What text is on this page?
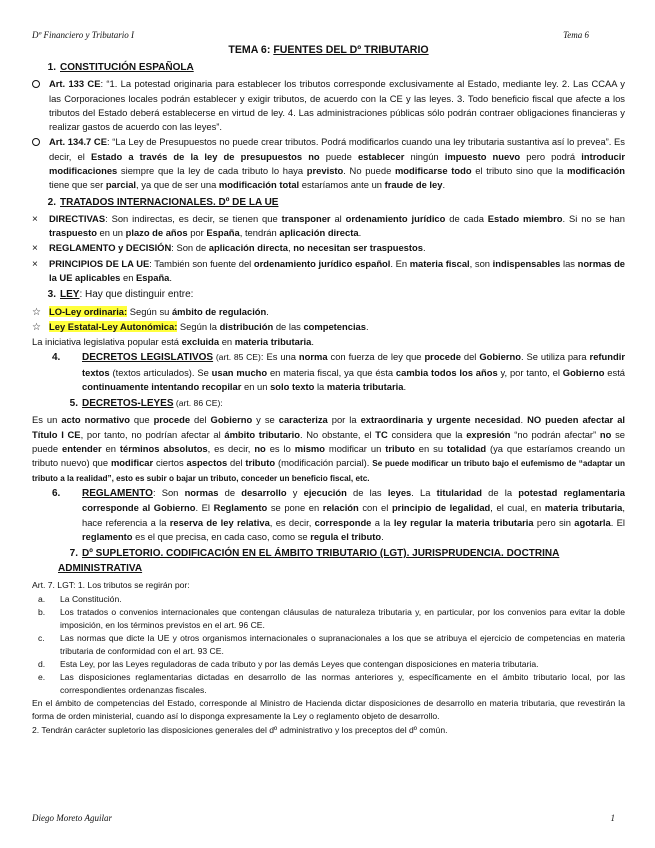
Dº Financiero y Tributario I	Tema 6
TEMA 6: FUENTES DEL Dº TRIBUTARIO
1. CONSTITUCIÓN ESPAÑOLA
Art. 133 CE: “1. La potestad originaria para establecer los tributos corresponde exclusivamente al Estado, mediante ley. 2. Las CCAA y las Corporaciones locales podrán establecer y exigir tributos, de acuerdo con la CE y las leyes. 3. Todo beneficio fiscal que afecte a los tributos del Estado deberá establecerse en virtud de ley. 4. Las administraciones públicas sólo podrán contraer obligaciones financieras y realizar gastos de acuerdo con las leyes”.
Art. 134.7 CE: “La Ley de Presupuestos no puede crear tributos. Podrá modificarlos cuando una ley tributaria sustantiva así lo prevea”. Es decir, el Estado a través de la ley de presupuestos no puede establecer ningún impuesto nuevo pero podrá introducir modificaciones siempre que la ley de cada tributo lo haya previsto. No puede modificarse todo el tributo sino que la modificación tiene que ser parcial, ya que de ser una modificación total estaríamos ante un fraude de ley.
2. TRATADOS INTERNACIONALES. Dº DE LA UE
×	DIRECTIVAS: Son indirectas, es decir, se tienen que transponer al ordenamiento jurídico de cada Estado miembro. Si no se han traspuesto en un plazo de años por España, tendrán aplicación directa.
×	REGLAMENTO y DECISIÓN: Son de aplicación directa, no necesitan ser traspuestos.
×	PRINCIPIOS DE LA UE: También son fuente del ordenamiento jurídico español. En materia fiscal, son indispensables las normas de la UE aplicables en España.
3. LEY: Hay que distinguir entre:
☆ LO-Ley ordinaria: Según su ámbito de regulación.
☆ Ley Estatal-Ley Autonómica: Según la distribución de las competencias.
La iniciativa legislativa popular está excluida en materia tributaria.
4. DECRETOS LEGISLATIVOS (art. 85 CE): Es una norma con fuerza de ley que procede del Gobierno. Se utiliza para refundir textos (textos articulados). Se usan mucho en materia fiscal, ya que ésta cambia todos los años y, por tanto, el Gobierno está continuamente intentando recopilar en un solo texto la materia tributaria.
5. DECRETOS-LEYES (art. 86 CE):
Es un acto normativo que procede del Gobierno y se caracteriza por la extraordinaria y urgente necesidad. NO pueden afectar al Título I CE, por tanto, no podrían afectar al ámbito tributario. No obstante, el TC considera que la expresión “no podrán afectar” no se puede entender en términos absolutos, es decir, no es lo mismo modificar un tributo en su totalidad (ya que estaríamos creando un tributo nuevo) que modificar ciertos aspectos del tributo (modificación parcial). Se puede modificar un tributo bajo el eufemismo de “adaptar un tributo a la realidad”, esto es subir o bajar un tributo, conceder un beneficio fiscal, etc.
6. REGLAMENTO: Son normas de desarrollo y ejecución de las leyes. La titularidad de la potestad reglamentaria corresponde al Gobierno. El Reglamento se pone en relación con el principio de legalidad, el cual, en materia tributaria, hace referencia a la reserva de ley relativa, es decir, corresponde a la ley regular la materia tributaria pero sin agotarla. El reglamento es el que precisa, en cada caso, como se regula el tributo.
7. Dº SUPLETORIO. CODIFICACIÓN EN EL ÁMBITO TRIBUTARIO (LGT). JURISPRUDENCIA. DOCTRINA ADMINISTRATIVA
Art. 7. LGT: 1. Los tributos se regirán por:
a. La Constitución.
b. Los tratados o convenios internacionales que contengan cláusulas de naturaleza tributaria y, en particular, por los convenios para evitar la doble imposición, en los términos previstos en el art. 96 CE.
c. Las normas que dicte la UE y otros organismos internacionales o supranacionales a los que se atribuya el ejercicio de competencias en materia tributaria de conformidad con el art. 93 CE.
d. Esta Ley, por las Leyes reguladoras de cada tributo y por las demás Leyes que contengan disposiciones en materia tributaria.
e. Las disposiciones reglamentarias dictadas en desarrollo de las normas anteriores y, específicamente en el ámbito tributario local, por las correspondientes ordenanzas fiscales.
En el ámbito de competencias del Estado, corresponde al Ministro de Hacienda dictar disposiciones de desarrollo en materia tributaria, que revestirán la forma de orden ministerial, cuando así lo disponga expresamente la Ley o reglamento objeto de desarrollo.
2. Tendrán carácter supletorio las disposiciones generales del dº administrativo y los preceptos del dº común.
Diego Moreto Aguilar	1
